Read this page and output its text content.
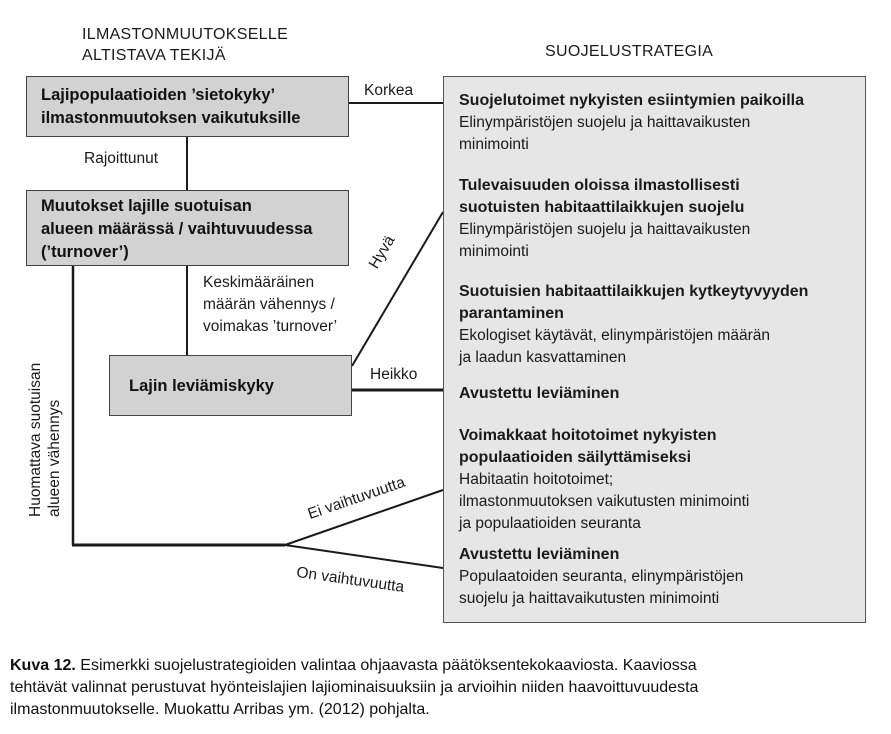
ILMASTONMUUTOKSELLE
ALTISTAVA TEKIJÄ	SUOJELUSTRATEGIA
Lajipopulaatioiden ’sietokyky’
ilmastonmuutoksen vaikutuksille
Muutokset lajille suotuisan
alueen määrässä / vaihtuvuudessa
(’turnover’)
Lajin leviämiskyky
Korkea
Rajoittunut
Keskimääräinen
määrän vähennys /
voimakas ’turnover’
Hyvä
Heikko
Huomattava suotuisan alueen vähennys	Ei vaihtuvuutta
On vaihtuvuutta
Suojelutoimet nykyisten esiintymien paikoilla
Elinympäristöjen suojelu ja haittavaikusten
minimointi
Tulevaisuuden oloissa ilmastollisesti
suotuisten habitaattilaikkujen suojelu
Elinympäristöjen suojelu ja haittavaikusten
minimointi
Suotuisien habitaattilaikkujen kytkeytyvyyden
parantaminen
Ekologiset käytävät, elinympäristöjen määrän
ja laadun kasvattaminen
Avustettu leviäminen
Voimakkaat hoitotoimet nykyisten
populaatioiden säilyttämiseksi
Habitaatin hoitotoimet;
ilmastonmuutoksen vaikutusten minimointi
ja populaatioiden seuranta
Avustettu leviäminen
Populaatoiden seuranta, elinympäristöjen
suojelu ja haittavaikutusten minimointi
Kuva 12. Esimerkki suojelustrategioiden valintaa ohjaavasta päätöksentekokaaviosta. Kaaviossa
tehtävät valinnat perustuvat hyönteislajien lajiominaisuuksiin ja arvioihin niiden haavoittuvuudesta
ilmastonmuutokselle. Muokattu Arribas ym. (2012) pohjalta.
